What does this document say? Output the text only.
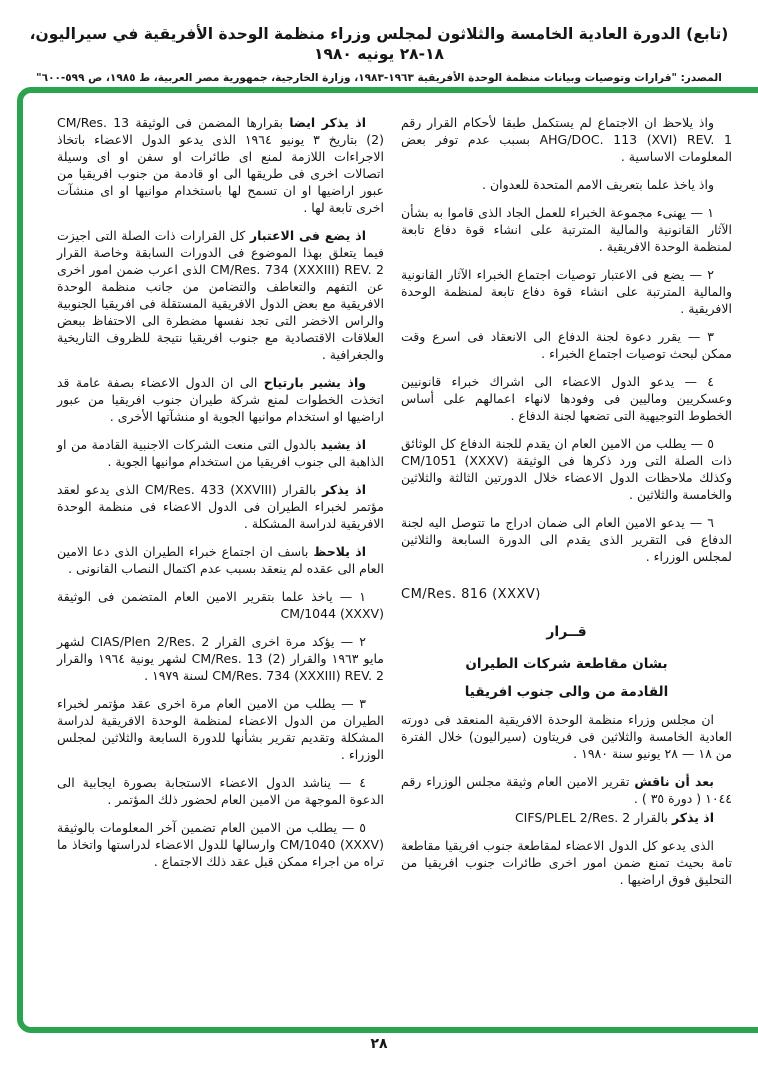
(تابع) الدورة العادية الخامسة والثلاثون لمجلس وزراء منظمة الوحدة الأفريقية في سيراليون، ١٨-٢٨ يونيه ١٩٨٠
المصدر: "قرارات وتوصيات وبيانات منظمة الوحدة الأفريقية ١٩٦٣-١٩٨٣، وزارة الخارجية، جمهورية مصر العربية، ط ١٩٨٥، ص ٥٩٩-٦٠٠"

اذ يذكر ايضا بقرارها المضمن فى الوثيقة CM/Res. 13 (2) بتاريخ ٣ يونيو ١٩٦٤ الذى يدعو الدول الاعضاء باتخاذ الاجراءات اللازمة لمنع اى طائرات او سفن او اى وسيلة اتصالات اخرى فى طريقها الى او قادمة من جنوب افريقيا من عبور اراضيها او ان تسمح لها باستخدام موانيها او اى منشآت اخرى تابعة لها .

اذ يضع فى الاعتبار كل القرارات ذات الصلة التى اجيزت فيما يتعلق بهذا الموضوع فى الدورات السابقة وخاصة القرار CM/Res. 734 (XXXIII) REV. 2 الذى اعرب ضمن امور اخرى عن التفهم والتعاطف والتضامن من جانب منظمة الوحدة الافريقية مع بعض الدول الافريقية المستقلة فى افريقيا الجنوبية والراس الاخضر التى تجد نفسها مضطرة الى الاحتفاظ ببعض العلاقات الاقتصادية مع جنوب افريقيا نتيجة للظروف التاريخية والجغرافية .

واذ يشير بارتياح الى ان الدول الاعضاء بصفة عامة قد اتخذت الخطوات لمنع شركة طيران جنوب افريقيا من عبور اراضيها او استخدام موانيها الجوية او منشآتها الأخرى .

اذ يشيد بالدول التى منعت الشركات الاجنبية القادمة من او الذاهبة الى جنوب افريقيا من استخدام موانيها الجوية .

اذ يذكر بالقرار CM/Res. 433 (XXVIII) الذى يدعو لعقد مؤتمر لخبراء الطيران فى الدول الاعضاء فى منظمة الوحدة الافريقية لدراسة المشكلة .

اذ يلاحظ باسف ان اجتماع خبراء الطيران الذى دعا الامين العام الى عقده لم ينعقد بسبب عدم اكتمال النصاب القانونى .

١ — ياخذ علما بتقرير الامين العام المتضمن فى الوثيقة CM/1044 (XXXV)

٢ — يؤكد مرة اخرى القرار CIAS/Plen 2/Res. 2 لشهر مايو ١٩٦٣ والقرار CM/Res. 13 (2) لشهر يونية ١٩٦٤ والقرار CM/Res. 734 (XXXIII) REV. 2 لسنة ١٩٧٩ .

٣ — يطلب من الامين العام مرة اخرى عقد مؤتمر لخبراء الطيران من الدول الاعضاء لمنظمة الوحدة الافريقية لدراسة المشكلة وتقديم تقرير بشأنها للدورة السابعة والثلاثين لمجلس الوزراء .

٤ — يناشد الدول الاعضاء الاستجابة بصورة ايجابية الى الدعوة الموجهة من الامين العام لحضور ذلك المؤتمر .

٥ — يطلب من الامين العام تضمين آخر المعلومات بالوثيقة CM/1040 (XXXV) وارسالها للدول الاعضاء لدراستها واتخاذ ما تراه من اجراء ممكن قبل عقد ذلك الاجتماع .

واذ يلاحظ ان الاجتماع لم يستكمل طبقا لأحكام القرار رقم AHG/DOC. 113 (XVI) REV. 1 بسبب عدم توفر بعض المعلومات الاساسية .

واذ ياخذ علما بتعريف الامم المتحدة للعدوان .

١ — يهنىء مجموعة الخبراء للعمل الجاد الذى قاموا به بشأن الآثار القانونية والمالية المترتبة على انشاء قوة دفاع تابعة لمنظمة الوحدة الافريقية .

٢ — يضع فى الاعتبار توصيات اجتماع الخبراء الآثار القانونية والمالية المترتبة على انشاء قوة دفاع تابعة لمنظمة الوحدة الافريقية .

٣ — يقرر دعوة لجنة الدفاع الى الانعقاد فى اسرع وقت ممكن لبحث توصيات اجتماع الخبراء .

٤ — يدعو الدول الاعضاء الى اشراك خبراء قانونيين وعسكريين وماليين فى وفودها لانهاء اعمالهم على أساس الخطوط التوجيهية التى تضعها لجنة الدفاع .

٥ — يطلب من الامين العام ان يقدم للجنة الدفاع كل الوثائق ذات الصلة التى ورد ذكرها فى الوثيقة CM/1051 (XXXV) وكذلك ملاحظات الدول الاعضاء خلال الدورتين الثالثة والثلاثين والخامسة والثلاثين .

٦ — يدعو الامين العام الى ضمان ادراج ما تتوصل اليه لجنة الدفاع فى التقرير الذى يقدم الى الدورة السابعة والثلاثين لمجلس الوزراء .

CM/Res. 816 (XXXV)
قــرار
بشان مقاطعة شركات الطيران
القادمة من والى جنوب افريقيا

ان مجلس وزراء منظمة الوحدة الافريقية المنعقد فى دورته العادية الخامسة والثلاثين فى فريتاون (سيراليون) خلال الفترة من ١٨ — ٢٨ يونيو سنة ١٩٨٠ .

بعد أن ناقش تقرير الامين العام وثيقة مجلس الوزراء رقم ١٠٤٤ ( دورة ٣٥ ) .

اذ يذكر بالقرار CIFS/PLEL 2/Res. 2

الذى يدعو كل الدول الاعضاء لمقاطعة جنوب افريقيا مقاطعة تامة بحيث تمنع ضمن امور اخرى طائرات جنوب افريقيا من التحليق فوق اراضيها .

٢٨
